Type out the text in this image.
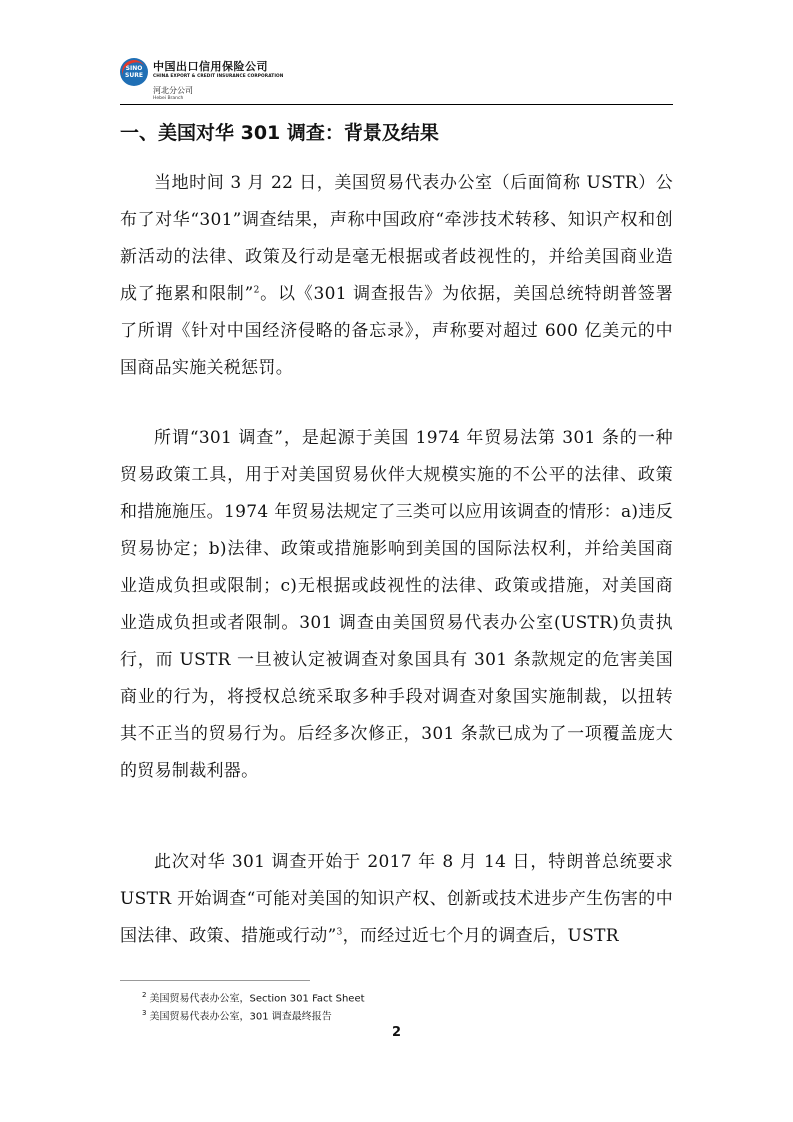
SINO SURE
中国出口信用保险公司
CHINA EXPORT & CREDIT INSURANCE CORPORATION
河北分公司
Hebei Branch
一、美国对华 301 调查：背景及结果
当地时间 3 月 22 日，美国贸易代表办公室（后面简称 USTR）公布了对华“301”调查结果，声称中国政府“牵涉技术转移、知识产权和创新活动的法律、政策及行动是毫无根据或者歧视性的，并给美国商业造成了拖累和限制”$^2$。以《301 调查报告》为依据，美国总统特朗普签署了所谓《针对中国经济侵略的备忘录》，声称要对超过 600 亿美元的中国商品实施关税惩罚。
所谓“301 调查”，是起源于美国 1974 年贸易法第 301 条的一种贸易政策工具，用于对美国贸易伙伴大规模实施的不公平的法律、政策和措施施压。1974 年贸易法规定了三类可以应用该调查的情形：a)违反贸易协定；b)法律、政策或措施影响到美国的国际法权利，并给美国商业造成负担或限制；c)无根据或歧视性的法律、政策或措施，对美国商业造成负担或者限制。301 调查由美国贸易代表办公室(USTR)负责执行，而 USTR 一旦被认定被调查对象国具有 301 条款规定的危害美国商业的行为，将授权总统采取多种手段对调查对象国实施制裁，以扭转其不正当的贸易行为。后经多次修正，301 条款已成为了一项覆盖庞大的贸易制裁利器。
此次对华 301 调查开始于 2017 年 8 月 14 日，特朗普总统要求 USTR 开始调查“可能对美国的知识产权、创新或技术进步产生伤害的中国法律、政策、措施或行动”$^3$，而经过近七个月的调查后，USTR
$^2$ 美国贸易代表办公室，Section 301 Fact Sheet
$^3$ 美国贸易代表办公室，301 调查最终报告
2
